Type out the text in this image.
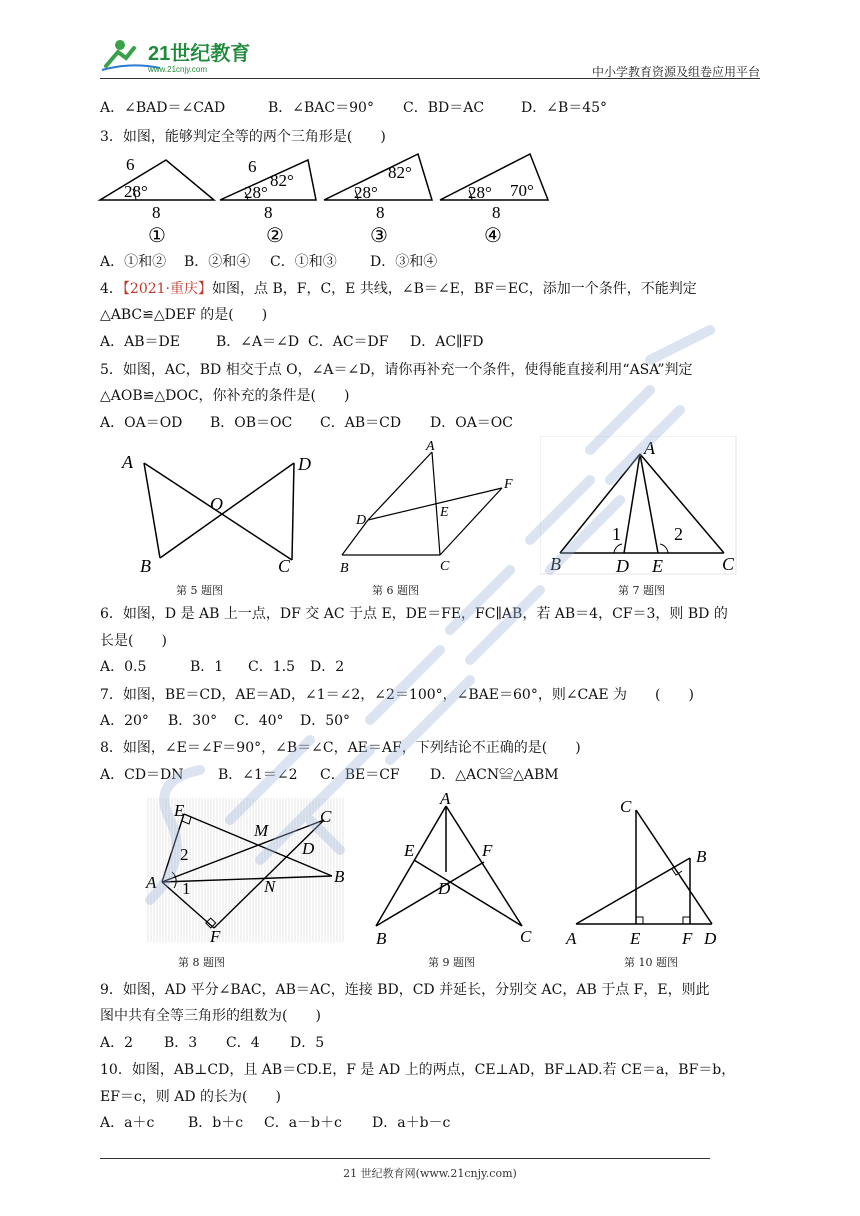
21世纪教育
www.21cnjy.com	中小学教育资源及组卷应用平台
A．∠BAD＝∠CAD	B．∠BAC＝90° C．BD＝AC	D．∠B＝45°
3．如图，能够判定全等的两个三角形是(　　)
6
28°
8
①
6
28°
82°
8
②
28°
82°
8
③
28° 70°
8
④
A．①和② B．②和④ C．①和③ D．③和④
4．【2021·重庆】如图，点 B，F，C，E 共线，∠B＝∠E，BF＝EC，添加一个条件，不能判定
△ABC≌△DEF 的是(　　)
A．AB＝DE	B．∠A＝∠D C．AC＝DF D．AC∥FD
5．如图，AC，BD 相交于点 O，∠A＝∠D，请你再补充一个条件，使得能直接利用“ASA”判定
△AOB≌△DOC，你补充的条件是(　　)
A．OA＝OD B．OB＝OC C．AB＝CD D．OA＝OC
A	D
O
B	C
第 5 题图
A
F
D
E
B	C
第 6 题图
A
1	2
B	D E	C
第 7 题图
6．如图，D 是 AB 上一点，DF 交 AC 于点 E，DE＝FE，FC∥AB，若 AB＝4，CF＝3，则 BD 的
长是(　　)
A．0.5	B．1 C．1.5 D．2
7．如图，BE＝CD，AE＝AD，∠1＝∠2，∠2＝100°，∠BAE＝60°，则∠CAE 为 (　　)
A．20° B．30° C．40° D．50°
8．如图，∠E＝∠F＝90°，∠B＝∠C，AE＝AF，下列结论不正确的是(　　)
A．CD＝DN B．∠1＝∠2 C．BE＝CF D．△ACN≌△ABM
E
M
C
D
2
A 1	N
B
F
第 8 题图
A
E	F
D
B	C
第 9 题图
C
B
A	E F D
第 10 题图
9．如图，AD 平分∠BAC，AB＝AC，连接 BD，CD 并延长，分别交 AC，AB 于点 F，E，则此
图中共有全等三角形的组数为(　　)
A．2 B．3 C．4 D．5
10．如图，AB⊥CD，且 AB＝CD.E，F 是 AD 上的两点，CE⊥AD，BF⊥AD.若 CE＝a，BF＝b，
EF＝c，则 AD 的长为(　　)
A．a＋c B．b＋c C．a－b＋c D．a＋b－c
21 世纪教育网(www.21cnjy.com)
